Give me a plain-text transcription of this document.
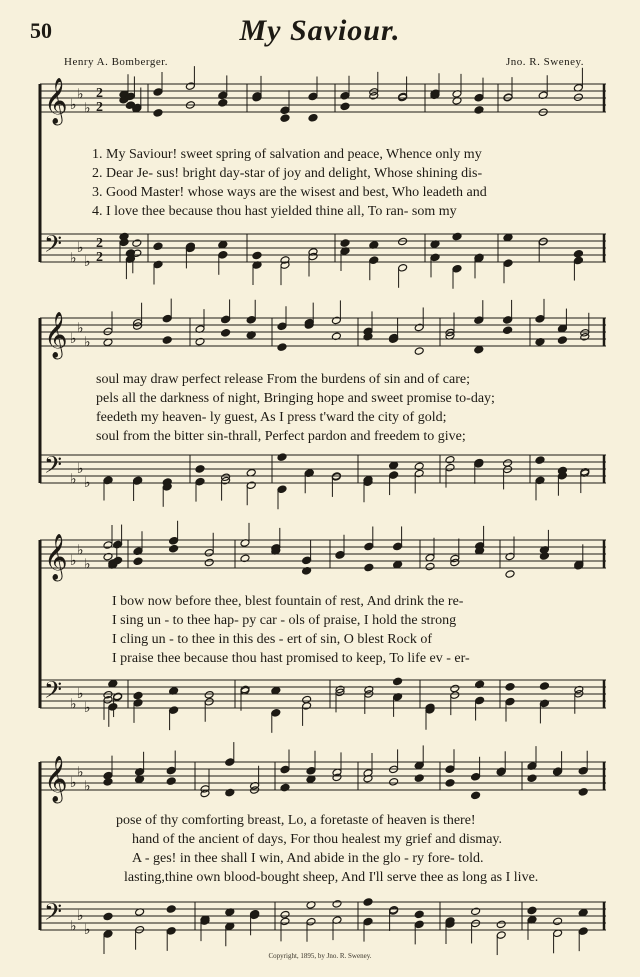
50	My Saviour.
Henry A. Bomberger.	Jno. R. Sweney.
𝄞 ♭
♭
♭
2
2
𝄢 ♭
♭
♭
2
2
𝄞 ♭
♭
♭
𝄢 ♭
♭
♭
𝄞 ♭
♭
♭
𝄢 ♭
♭
♭
𝄞 ♭
♭
♭
𝄢 ♭
♭
♭
1. My Saviour! sweet spring of salvation and peace, Whence only my
2. Dear Je- sus! bright day-star of joy and delight, Whose shining dis-
3. Good Master! whose ways are the wisest and best, Who leadeth and
4. I love thee because thou hast yielded thine all, To ran- som my
soul may draw perfect release From the burdens of sin and of care;
pels all the darkness of night, Bringing hope and sweet promise to-day;
feedeth my heaven- ly guest, As I press t'ward the city of gold;
soul from the bitter sin-thrall, Perfect pardon and freedem to give;
I bow now before thee, blest fountain of rest, And drink the re-
I sing un - to thee hap- py car - ols of praise, I hold the strong
I cling un - to thee in this des - ert of sin, O blest Rock of
I praise thee because thou hast promised to keep, To life ev - er-
pose of thy comforting breast, Lo, a foretaste of heaven is there!
hand of the ancient of days, For thou healest my grief and dismay.
A - ges! in thee shall I win, And abide in the glo - ry fore- told.
lasting,thine own blood-bought sheep, And I'll serve thee as long as I live.
Copyright, 1895, by Jno. R. Sweney.
